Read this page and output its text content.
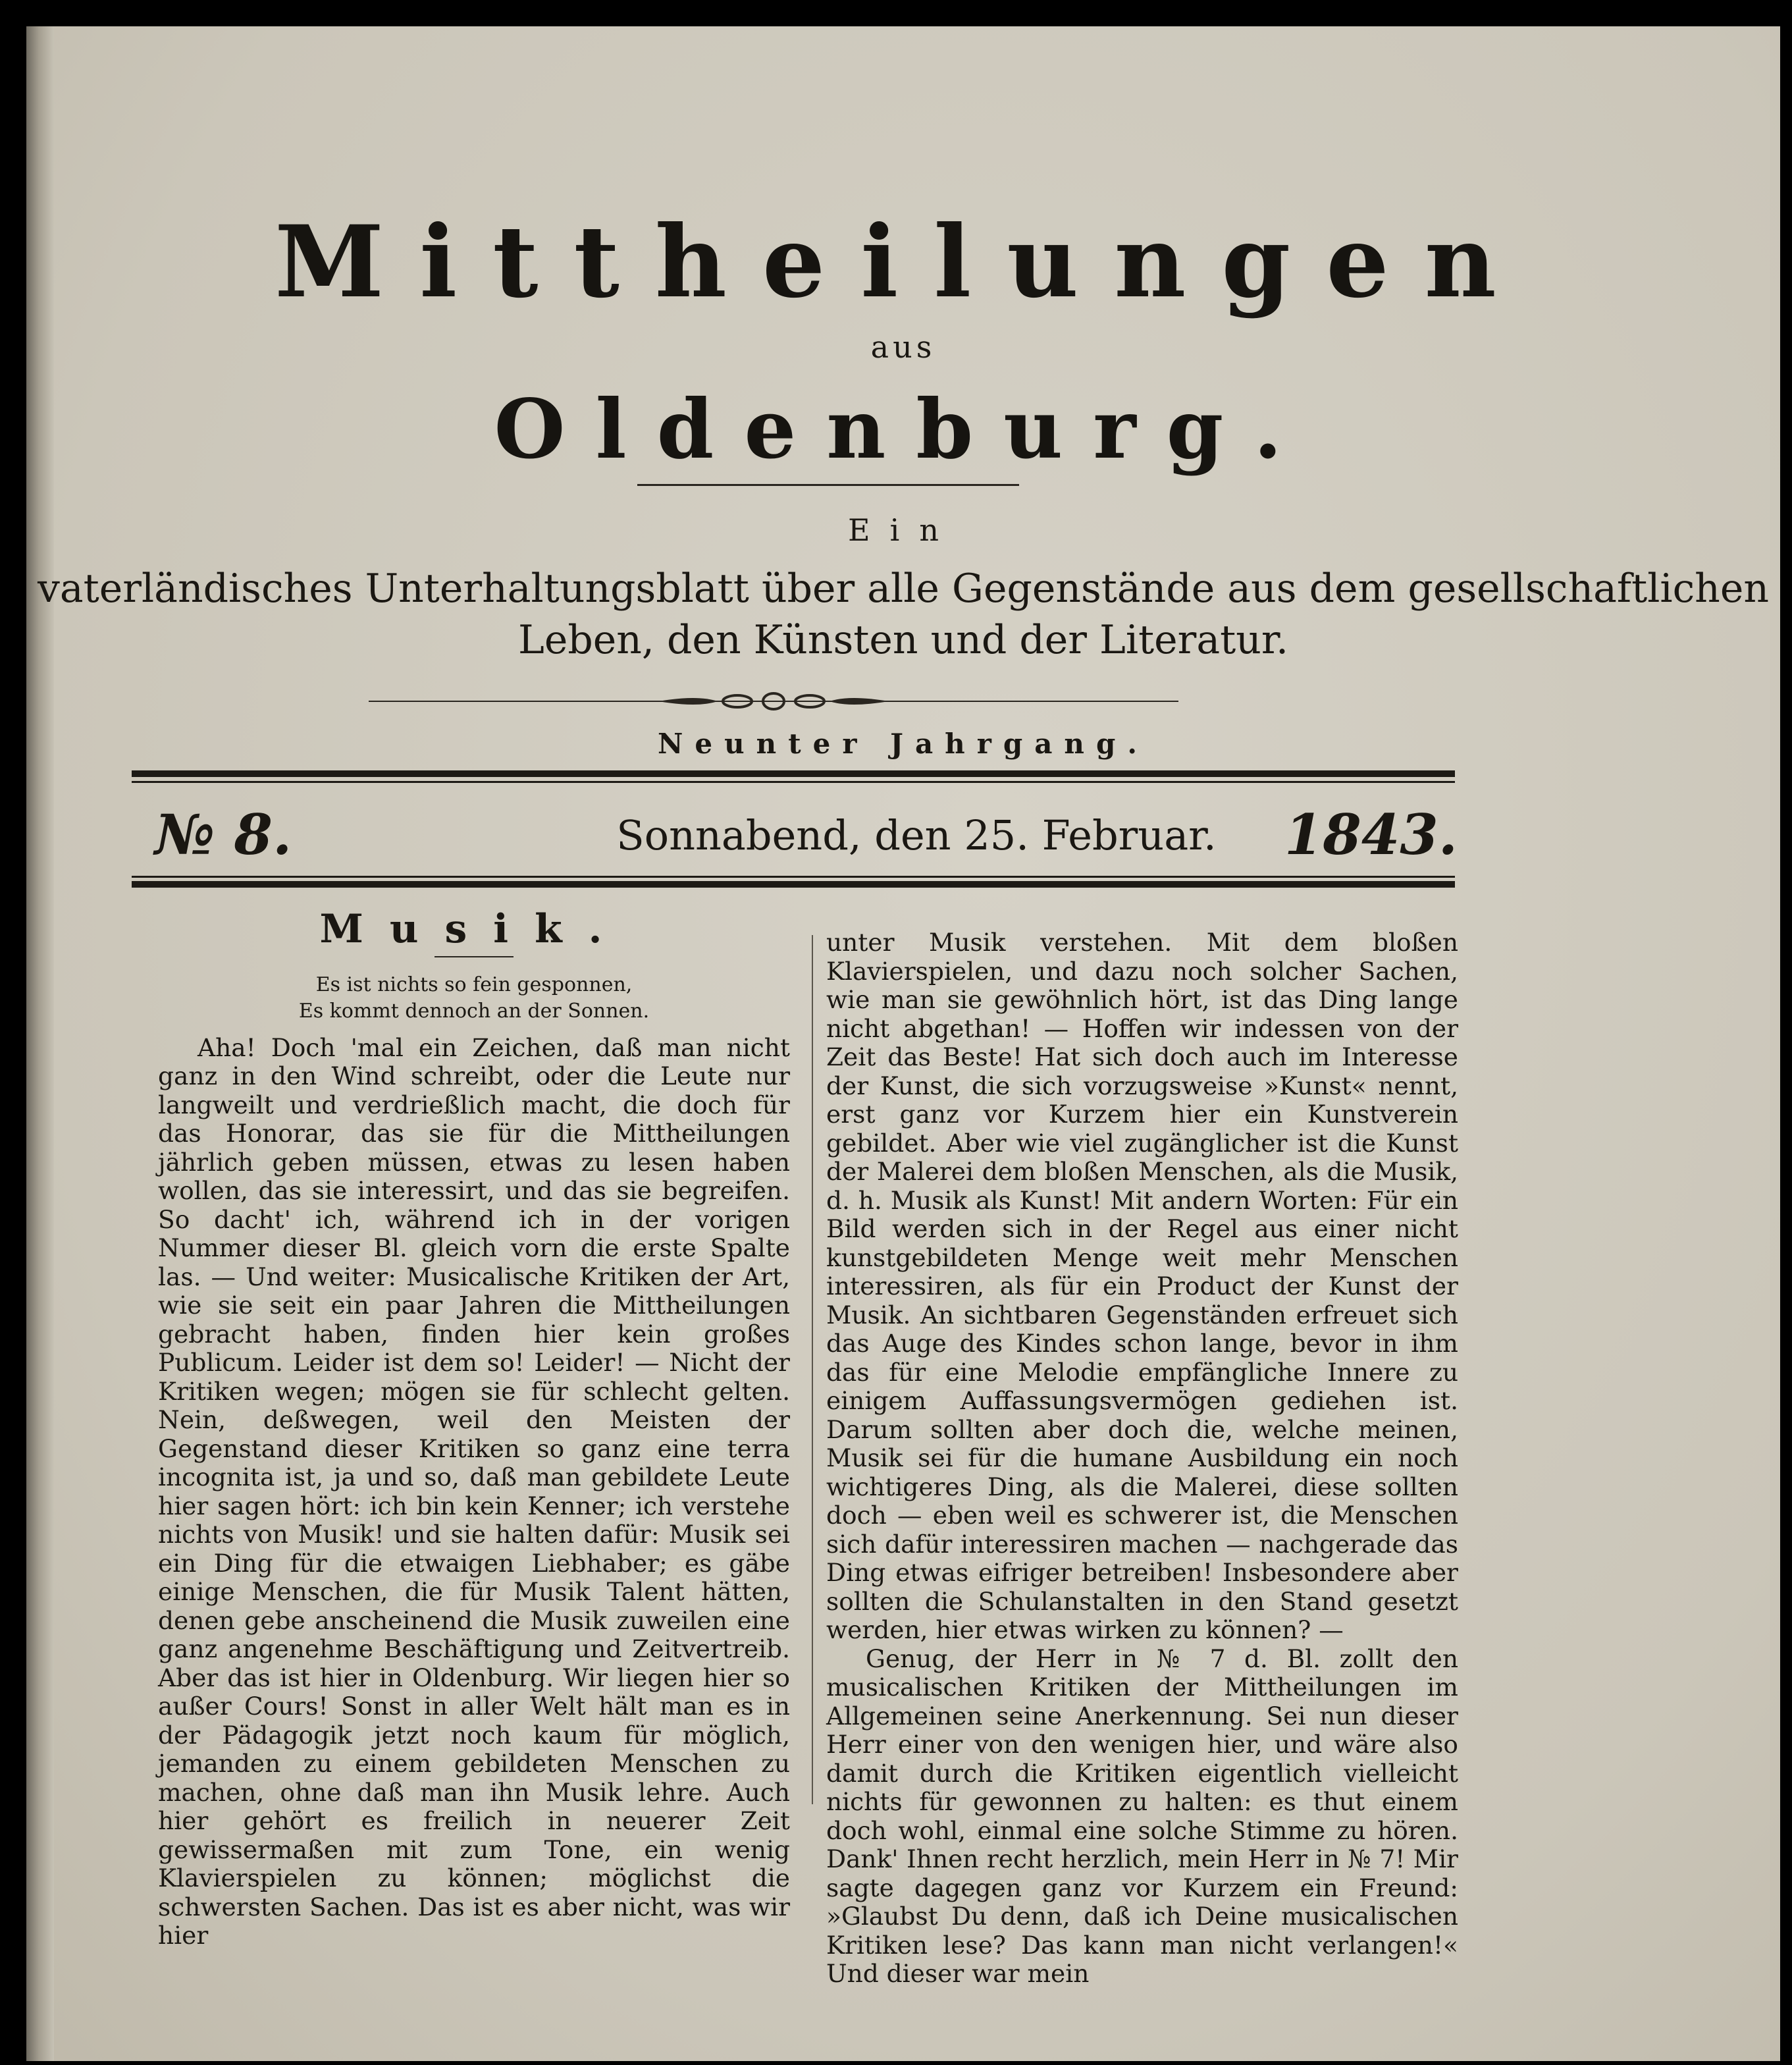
Mittheilungen
aus
Oldenburg.
Ein
vaterländisches Unterhaltungsblatt über alle Gegenstände aus dem gesellschaftlichen
Leben, den Künsten und der Literatur.
Neunter Jahrgang.
№ 8.	Sonnabend, den 25. Februar.	1843.
Musik.
Es ist nichts so fein gesponnen,
Es kommt dennoch an der Sonnen.

Aha! Doch 'mal ein Zeichen, daß man nicht ganz in den Wind schreibt, oder die Leute nur langweilt und verdrießlich macht, die doch für das Honorar, das sie für die Mittheilungen jährlich geben müssen, etwas zu lesen haben wollen, das sie interessirt, und das sie begreifen. So dacht' ich, während ich in der vorigen Nummer dieser Bl. gleich vorn die erste Spalte las. — Und weiter: Musicalische Kritiken der Art, wie sie seit ein paar Jahren die Mittheilungen gebracht haben, finden hier kein großes Publicum. Leider ist dem so! Leider! — Nicht der Kritiken wegen; mögen sie für schlecht gelten. Nein, deßwegen, weil den Meisten der Gegenstand dieser Kritiken so ganz eine terra incognita ist, ja und so, daß man gebildete Leute hier sagen hört: ich bin kein Kenner; ich verstehe nichts von Musik! und sie halten dafür: Musik sei ein Ding für die etwaigen Liebhaber; es gäbe einige Menschen, die für Musik Talent hätten, denen gebe anscheinend die Musik zuweilen eine ganz angenehme Beschäftigung und Zeitvertreib. Aber das ist hier in Oldenburg. Wir liegen hier so außer Cours! Sonst in aller Welt hält man es in der Pädagogik jetzt noch kaum für möglich, jemanden zu einem gebildeten Menschen zu machen, ohne daß man ihn Musik lehre. Auch hier gehört es freilich in neuerer Zeit gewissermaßen mit zum Tone, ein wenig Klavierspielen zu können; möglichst die schwersten Sachen. Das ist es aber nicht, was wir hier

unter Musik verstehen. Mit dem bloßen Klavierspielen, und dazu noch solcher Sachen, wie man sie gewöhnlich hört, ist das Ding lange nicht abgethan! — Hoffen wir indessen von der Zeit das Beste! Hat sich doch auch im Interesse der Kunst, die sich vorzugsweise »Kunst« nennt, erst ganz vor Kurzem hier ein Kunstverein gebildet. Aber wie viel zugänglicher ist die Kunst der Malerei dem bloßen Menschen, als die Musik, d. h. Musik als Kunst! Mit andern Worten: Für ein Bild werden sich in der Regel aus einer nicht kunstgebildeten Menge weit mehr Menschen interessiren, als für ein Product der Kunst der Musik. An sichtbaren Gegenständen erfreuet sich das Auge des Kindes schon lange, bevor in ihm das für eine Melodie empfängliche Innere zu einigem Auffassungsvermögen gediehen ist. Darum sollten aber doch die, welche meinen, Musik sei für die humane Ausbildung ein noch wichtigeres Ding, als die Malerei, diese sollten doch — eben weil es schwerer ist, die Menschen sich dafür interessiren machen — nachgerade das Ding etwas eifriger betreiben! Insbesondere aber sollten die Schulanstalten in den Stand gesetzt werden, hier etwas wirken zu können? —

Genug, der Herr in № 7 d. Bl. zollt den musicalischen Kritiken der Mittheilungen im Allgemeinen seine Anerkennung. Sei nun dieser Herr einer von den wenigen hier, und wäre also damit durch die Kritiken eigentlich vielleicht nichts für gewonnen zu halten: es thut einem doch wohl, einmal eine solche Stimme zu hören. Dank' Ihnen recht herzlich, mein Herr in № 7! Mir sagte dagegen ganz vor Kurzem ein Freund: »Glaubst Du denn, daß ich Deine musicalischen Kritiken lese? Das kann man nicht verlangen!« Und dieser war mein
